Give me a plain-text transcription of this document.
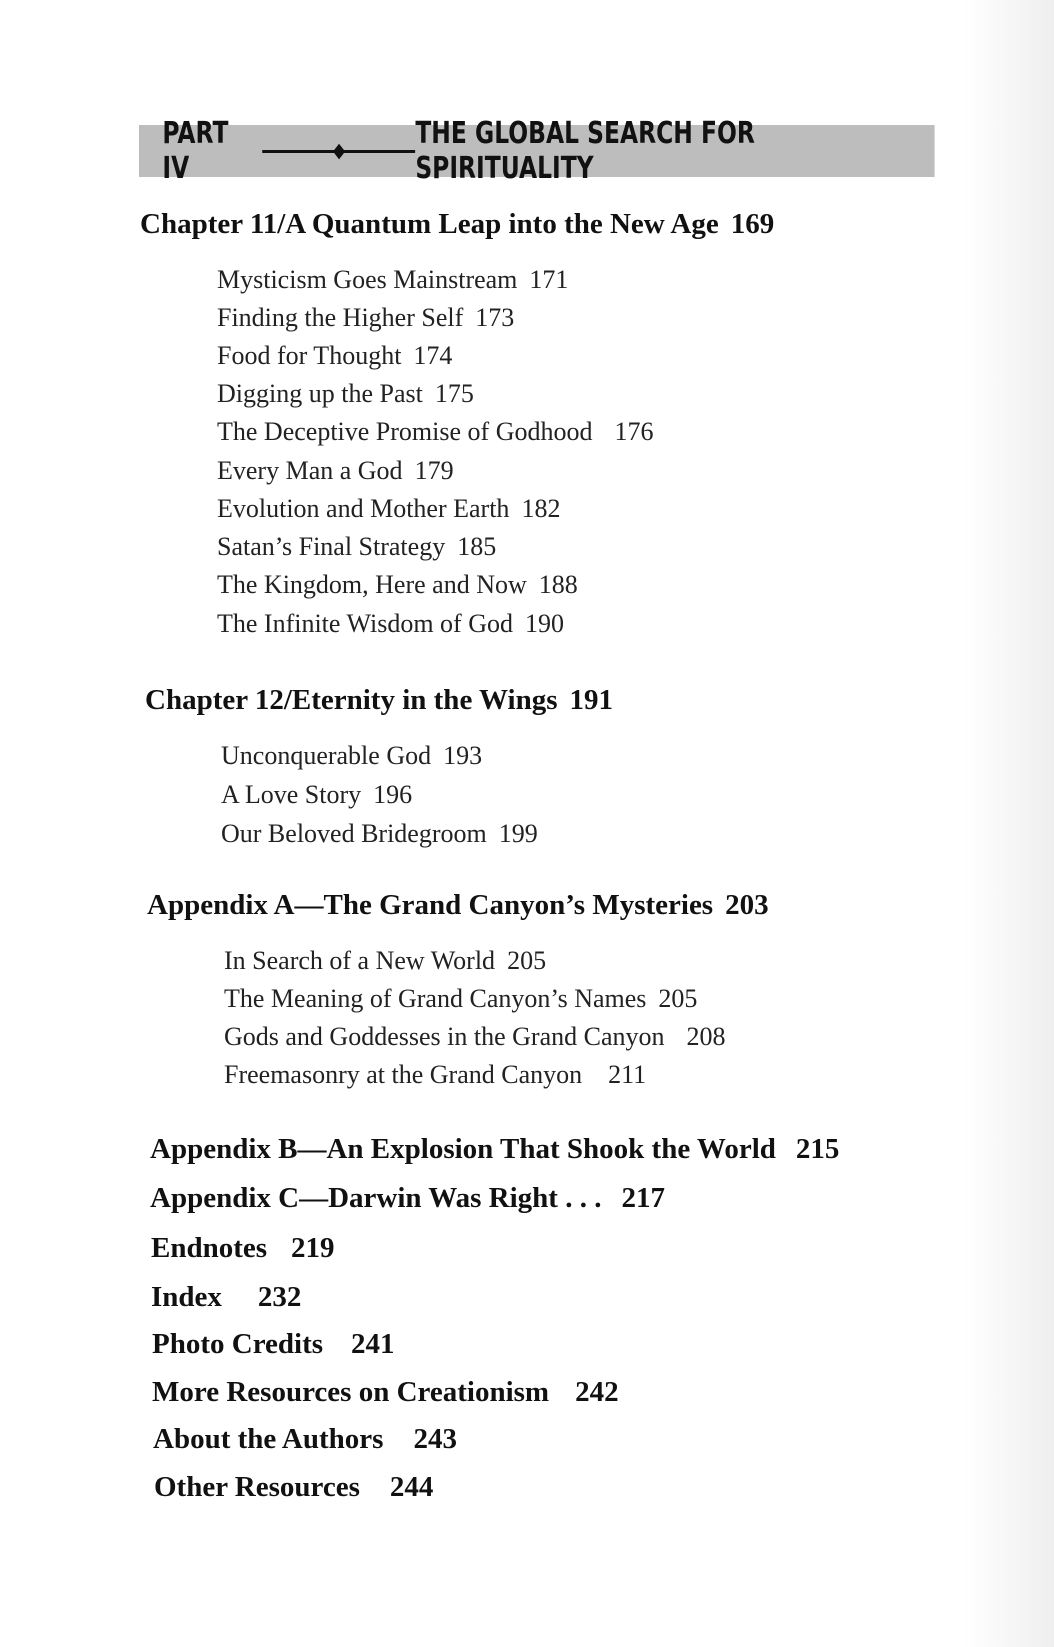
PART IV
THE GLOBAL SEARCH FOR SPIRITUALITY
Chapter 11/A Quantum Leap into the New Age 169
Mysticism Goes Mainstream 171
Finding the Higher Self 173
Food for Thought 174
Digging up the Past 175
The Deceptive Promise of Godhood 176
Every Man a God 179
Evolution and Mother Earth 182
Satan’s Final Strategy 185
The Kingdom, Here and Now 188
The Infinite Wisdom of God 190
Chapter 12/Eternity in the Wings 191
Unconquerable God 193
A Love Story 196
Our Beloved Bridegroom 199
Appendix A—The Grand Canyon’s Mysteries 203
In Search of a New World 205
The Meaning of Grand Canyon’s Names 205
Gods and Goddesses in the Grand Canyon 208
Freemasonry at the Grand Canyon 211
Appendix B—An Explosion That Shook the World 215
Appendix C—Darwin Was Right . . . 217
Endnotes 219
Index 232
Photo Credits 241
More Resources on Creationism 242
About the Authors 243
Other Resources 244
